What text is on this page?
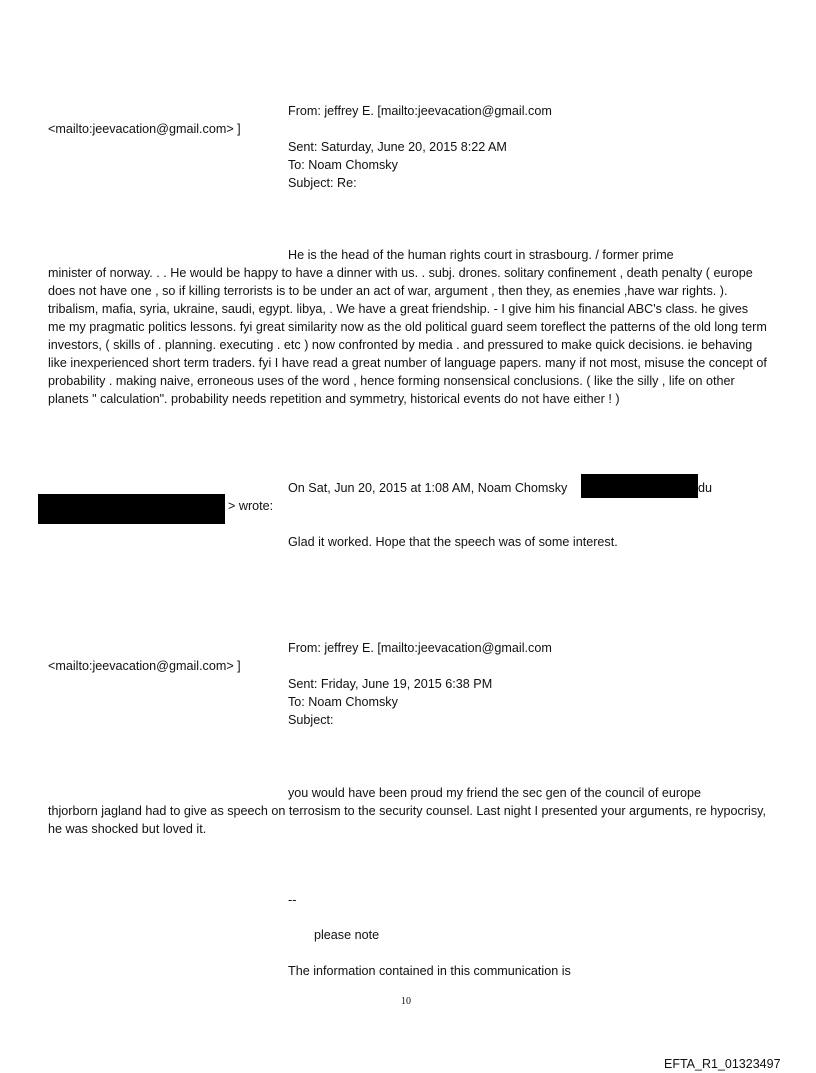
From: jeffrey E. [mailto:jeevacation@gmail.com
<mailto:jeevacation@gmail.com> ]
Sent: Saturday, June 20, 2015 8:22 AM
To: Noam Chomsky
Subject: Re:
He is the head of the human rights court in strasbourg. / former prime

minister of norway. . . He would be happy to have a dinner with us. . subj. drones. solitary confinement , death penalty ( europe does not have one , so if killing terrorists is to be under an act of war, argument , then they, as enemies ,have war rights. ). tribalism, mafia, syria, ukraine, saudi, egypt. libya, . We have a great friendship. - I give him his financial ABC's class. he gives me my pragmatic politics lessons. fyi great similarity now as the old political guard seem toreflect the patterns of the old long term investors, ( skills of . planning. executing . etc ) now confronted by media . and pressured to make quick decisions. ie behaving like inexperienced short term traders. fyi I have read a great number of language papers. many if not most, misuse the concept of probability . making naive, erroneous uses of the word , hence forming nonsensical conclusions. ( like the silly , life on other planets " calculation". probability needs repetition and symmetry, historical events do not have either ! )

On Sat, Jun 20, 2015 at 1:08 AM, Noam Chomsky	du
> wrote:
Glad it worked. Hope that the speech was of some interest.
From: jeffrey E. [mailto:jeevacation@gmail.com
<mailto:jeevacation@gmail.com> ]
Sent: Friday, June 19, 2015 6:38 PM
To: Noam Chomsky
Subject:
you would have been proud my friend the sec gen of the council of europe

thjorborn jagland had to give as speech on terrosism to the security counsel. Last night I presented your arguments, re hypocrisy, he was shocked but loved it.

--
please note
The information contained in this communication is
10
EFTA_R1_01323497
